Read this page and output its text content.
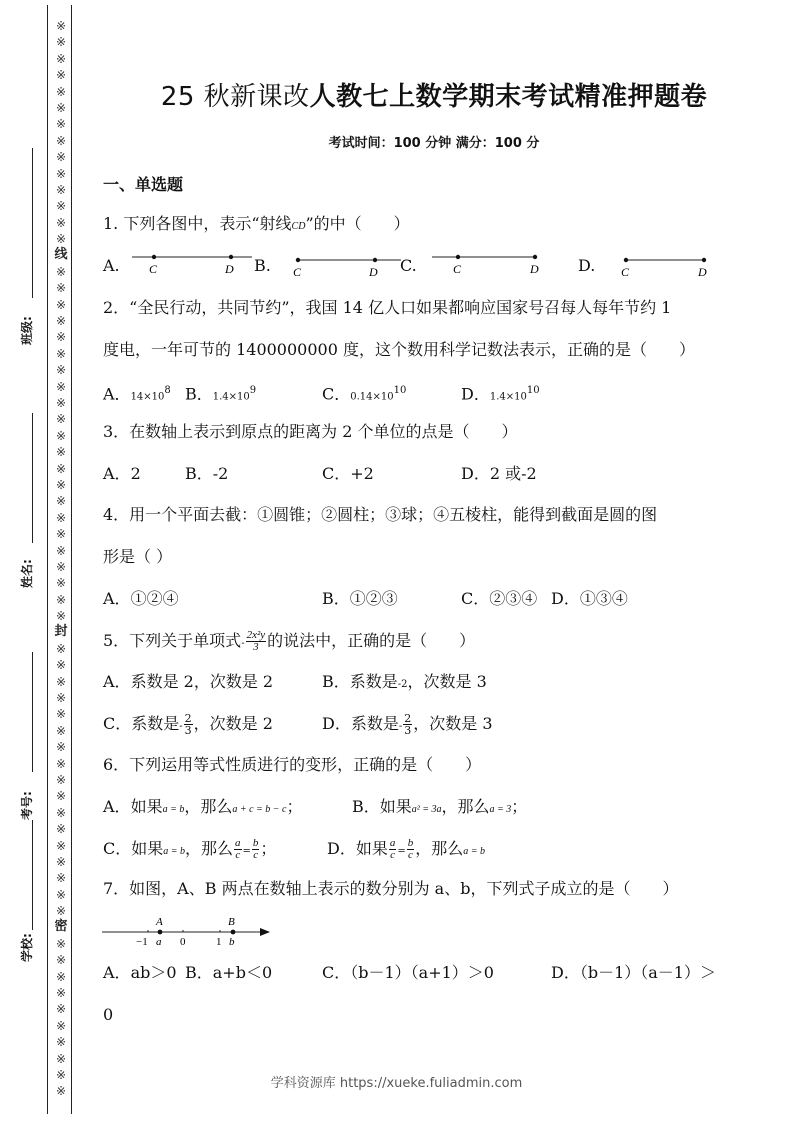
※
※
※
※
※
※
※
※
※
※
※
※
※
※
线
※
※
※
※
※
※
※
※
※
※
※
※
※
※
※
※
※
※
※
※
※
※
封
※
※
※
※
※
※
※
※
※
※
※
※
※
※
※
※
※
密
※
※
※
※
※
※
※
※
※
※
班级:
姓名:
考号:
学校:
25 秋新课改人教七上数学期末考试精准押题卷
考试时间：100 分钟 满分：100 分
一、单选题
1. 下列各图中，表示“射线CD”的中（　　）
A. C	D B. C	D C.	C	D D. C	D
2．“全民行动，共同节约”，我国 14 亿人口如果都响应国家号召每人每年节约 1
度电，一年可节的 1400000000 度，这个数用科学记数法表示，正确的是（　　）
A．$14\times 10^8$ B．$1.4\times 10^9$	C．$0.14\times 10^{10}$	D．$1.4\times 10^{10}$
3．在数轴上表示到原点的距离为 2 个单位的点是（　　）
A．2	B．-2	C．+2	D．2 或-2
4．用一个平面去截：①圆锥；②圆柱；③球；④五棱柱，能得到截面是圆的图
形是（ ）
A．①②④	B．①②③	C．②③④ D．①③④
5．下列关于单项式- $\frac{\text{2x²y}}{3}$ 的说法中，正确的是（　　）
A．系数是 2，次数是 2	B．系数是-2，次数是 3
C．系数是- $\frac{2}{3}$ ，次数是 2	D．系数是- $\frac{2}{3}$ ，次数是 3
6．下列运用等式性质进行的变形，正确的是（　　）
A．如果a = b，那么a + c = b − c；	B．如果a² = 3a，那么a = 3；
C．如果a = b，那么 $\frac{a}{c} = \frac{b}{c}$ ；	D．如果 $\frac{a}{c} = \frac{b}{c}$ ，那么a = b
7．如图，A、B 两点在数轴上表示的数分别为 a、b，下列式子成立的是（　　）
A	B
−1 a 0	1 b
A．ab＞0 B．a+b＜0	C．（b－1）（a+1）＞0	D．（b－1）（a－1）＞
0
学科资源库 https://xueke.fuliadmin.com
